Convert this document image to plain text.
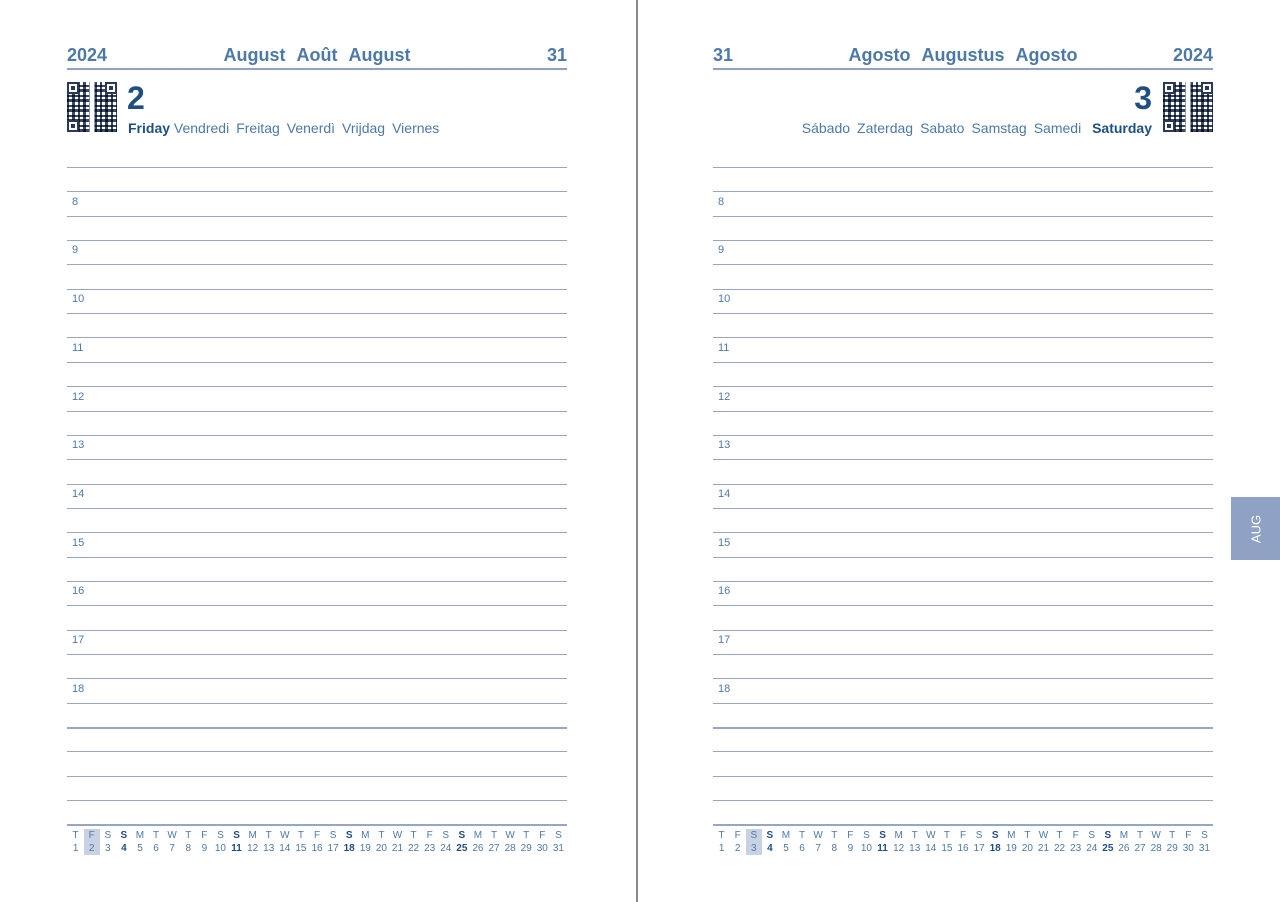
2024	August Août August	31
2
Friday Vendredi Freitag Venerdì Vrijdag Viernes
8
9
10
11
12
13
14
15
16
17
18
T F S S M T W T F S S M T W T F S S M T W T F S S M T W T F S
1	2	3	4	5	6	7	8	9 10 11 12 13 14 15 16 17 18 19 20 21 22 23 24 25 26 27 28 29 30 31
31	Agosto Augustus Agosto	2024
3
Sábado Zaterdag Sabato Samstag Samedi Saturday
8
9
10
11
12
13
14
15
16
17
18
T F S S M T W T F S S M T W T F S S M T W T F S S M T W T F S
1	2	3	4	5	6	7	8	9 10 11 12 13 14 15 16 17 18 19 20 21 22 23 24 25 26 27 28 29 30 31
AUG
